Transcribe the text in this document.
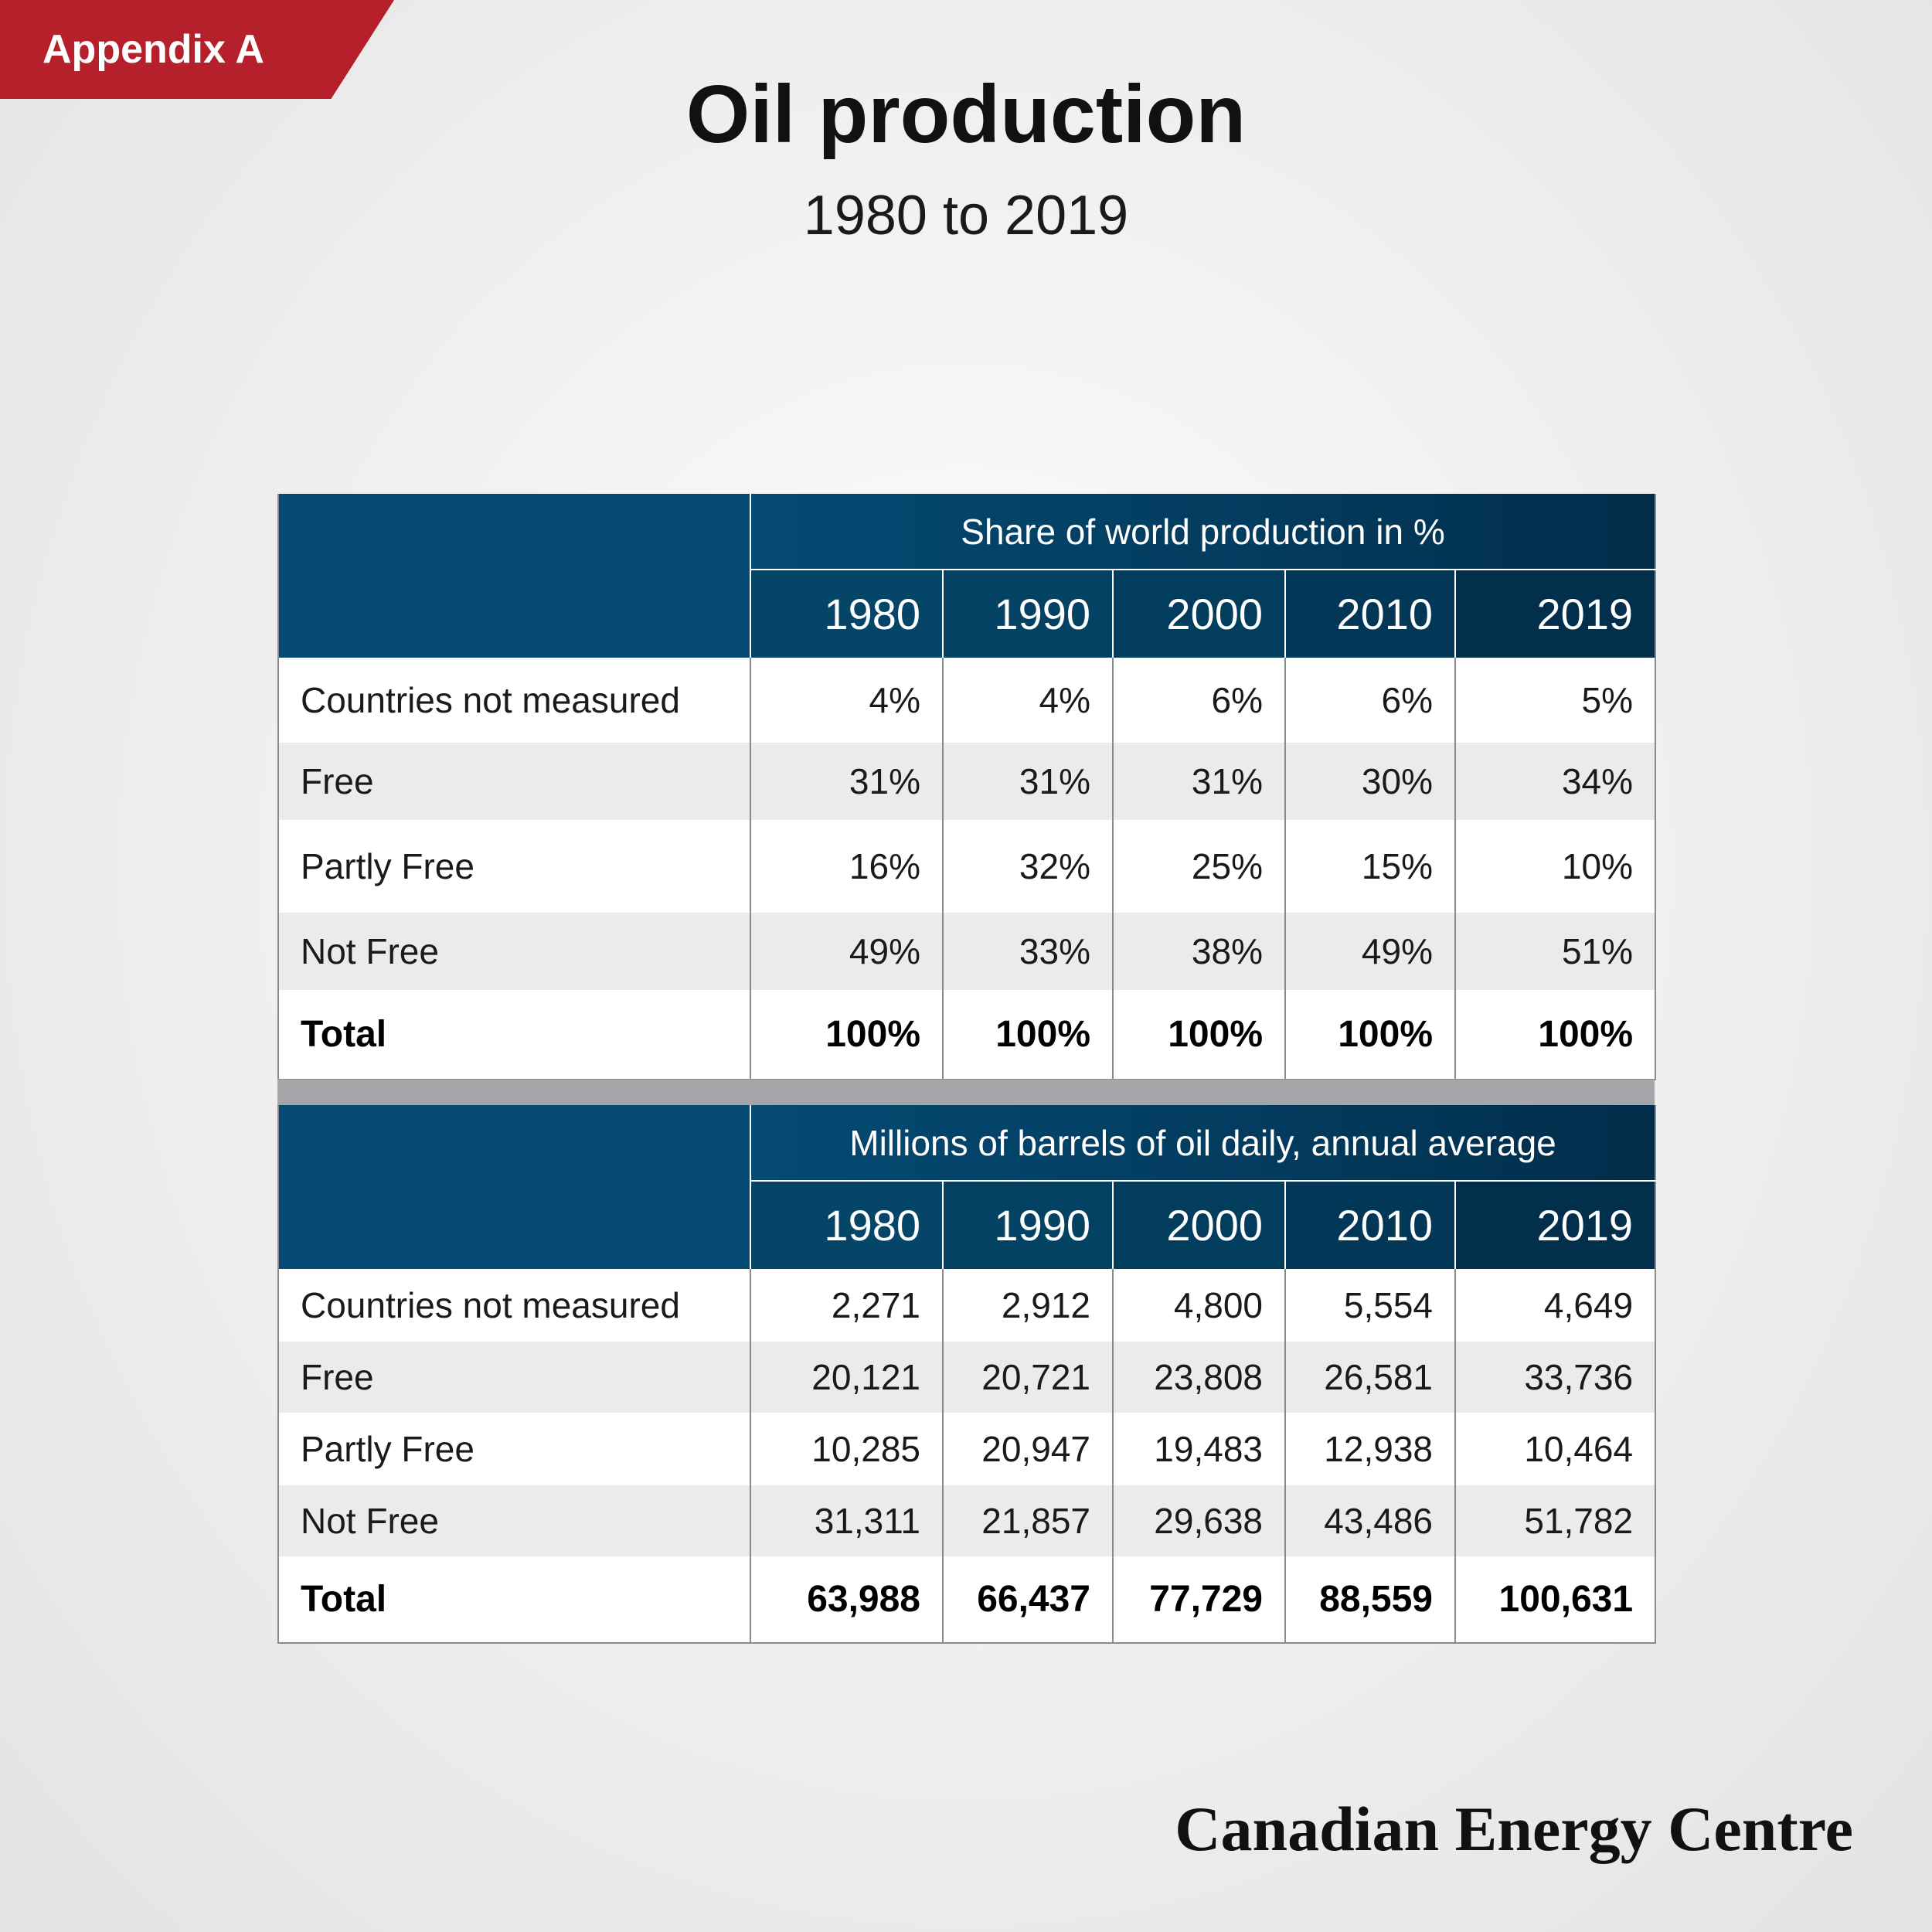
Appendix A
Oil production
1980 to 2019
	Share of world production in %				
	1980	1990	2000	2010	2019
Countries not measured	4%	4%	6%	6%	5%
Free	31%	31%	31%	30%	34%
Partly Free	16%	32%	25%	15%	10%
Not Free	49%	33%	38%	49%	51%
Total	100%	100%	100%	100%	100%
	Millions of barrels of oil daily, annual average				
	1980	1990	2000	2010	2019
Countries not measured	2,271	2,912	4,800	5,554	4,649
Free	20,121	20,721	23,808	26,581	33,736
Partly Free	10,285	20,947	19,483	12,938	10,464
Not Free	31,311	21,857	29,638	43,486	51,782
Total	63,988	66,437	77,729	88,559	100,631
Canadian Energy Centre
